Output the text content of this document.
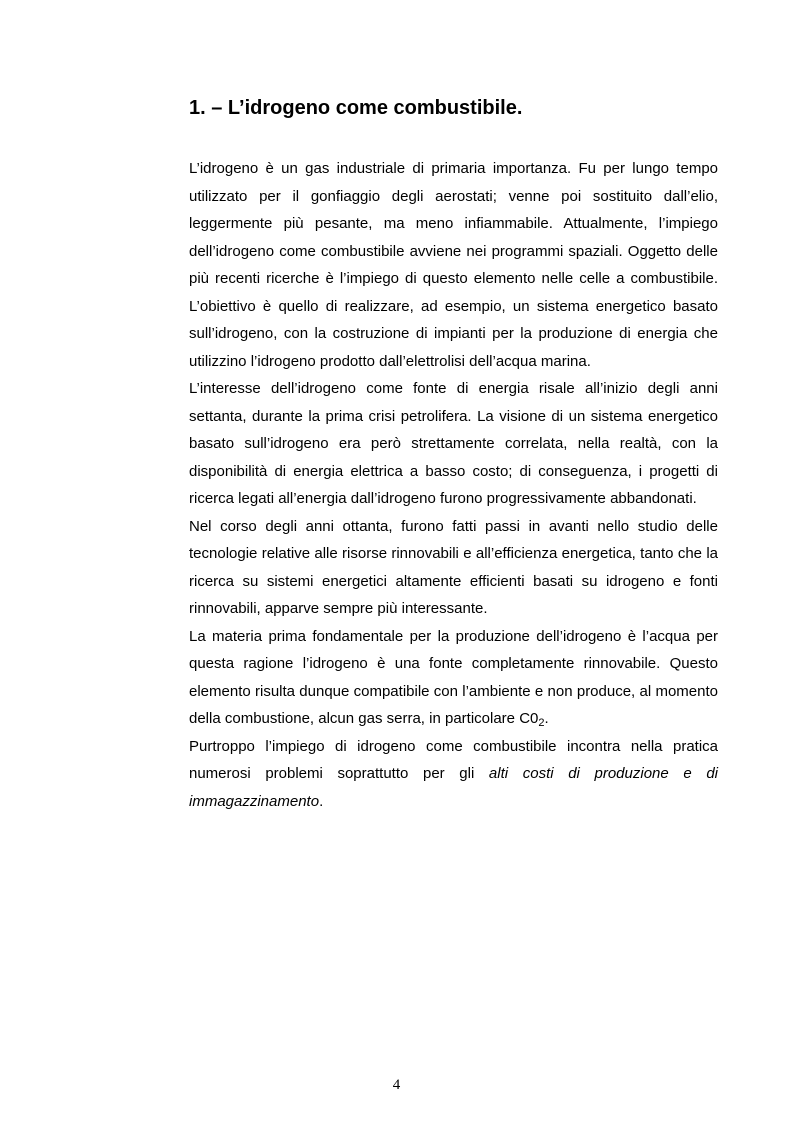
1. – L’idrogeno come combustibile.

L’idrogeno è un gas industriale di primaria importanza. Fu per lungo tempo utilizzato per il gonfiaggio degli aerostati; venne poi sostituito dall’elio, leggermente più pesante, ma meno infiammabile. Attualmente, l’impiego dell’idrogeno come combustibile avviene nei programmi spaziali. Oggetto delle più recenti ricerche è l’impiego di questo elemento nelle celle a combustibile. L’obiettivo è quello di realizzare, ad esempio, un sistema energetico basato sull’idrogeno, con la costruzione di impianti per la produzione di energia che utilizzino l’idrogeno prodotto dall’elettrolisi dell’acqua marina.

L’interesse dell’idrogeno come fonte di energia risale all’inizio degli anni settanta, durante la prima crisi petrolifera. La visione di un sistema energetico basato sull’idrogeno era però strettamente correlata, nella realtà, con la disponibilità di energia elettrica a basso costo; di conseguenza, i progetti di ricerca legati all’energia dall’idrogeno furono progressivamente abbandonati.

Nel corso degli anni ottanta, furono fatti passi in avanti nello studio delle tecnologie relative alle risorse rinnovabili e all’efficienza energetica, tanto che la ricerca su sistemi energetici altamente efficienti basati su idrogeno e fonti rinnovabili, apparve sempre più interessante.

La materia prima fondamentale per la produzione dell’idrogeno è l’acqua per questa ragione l’idrogeno è una fonte completamente rinnovabile. Questo elemento risulta dunque compatibile con l’ambiente e non produce, al momento della combustione, alcun gas serra, in particolare $C0_2$.

Purtroppo l’impiego di idrogeno come combustibile incontra nella pratica numerosi problemi soprattutto per gli alti costi di produzione e di immagazzinamento.

4
